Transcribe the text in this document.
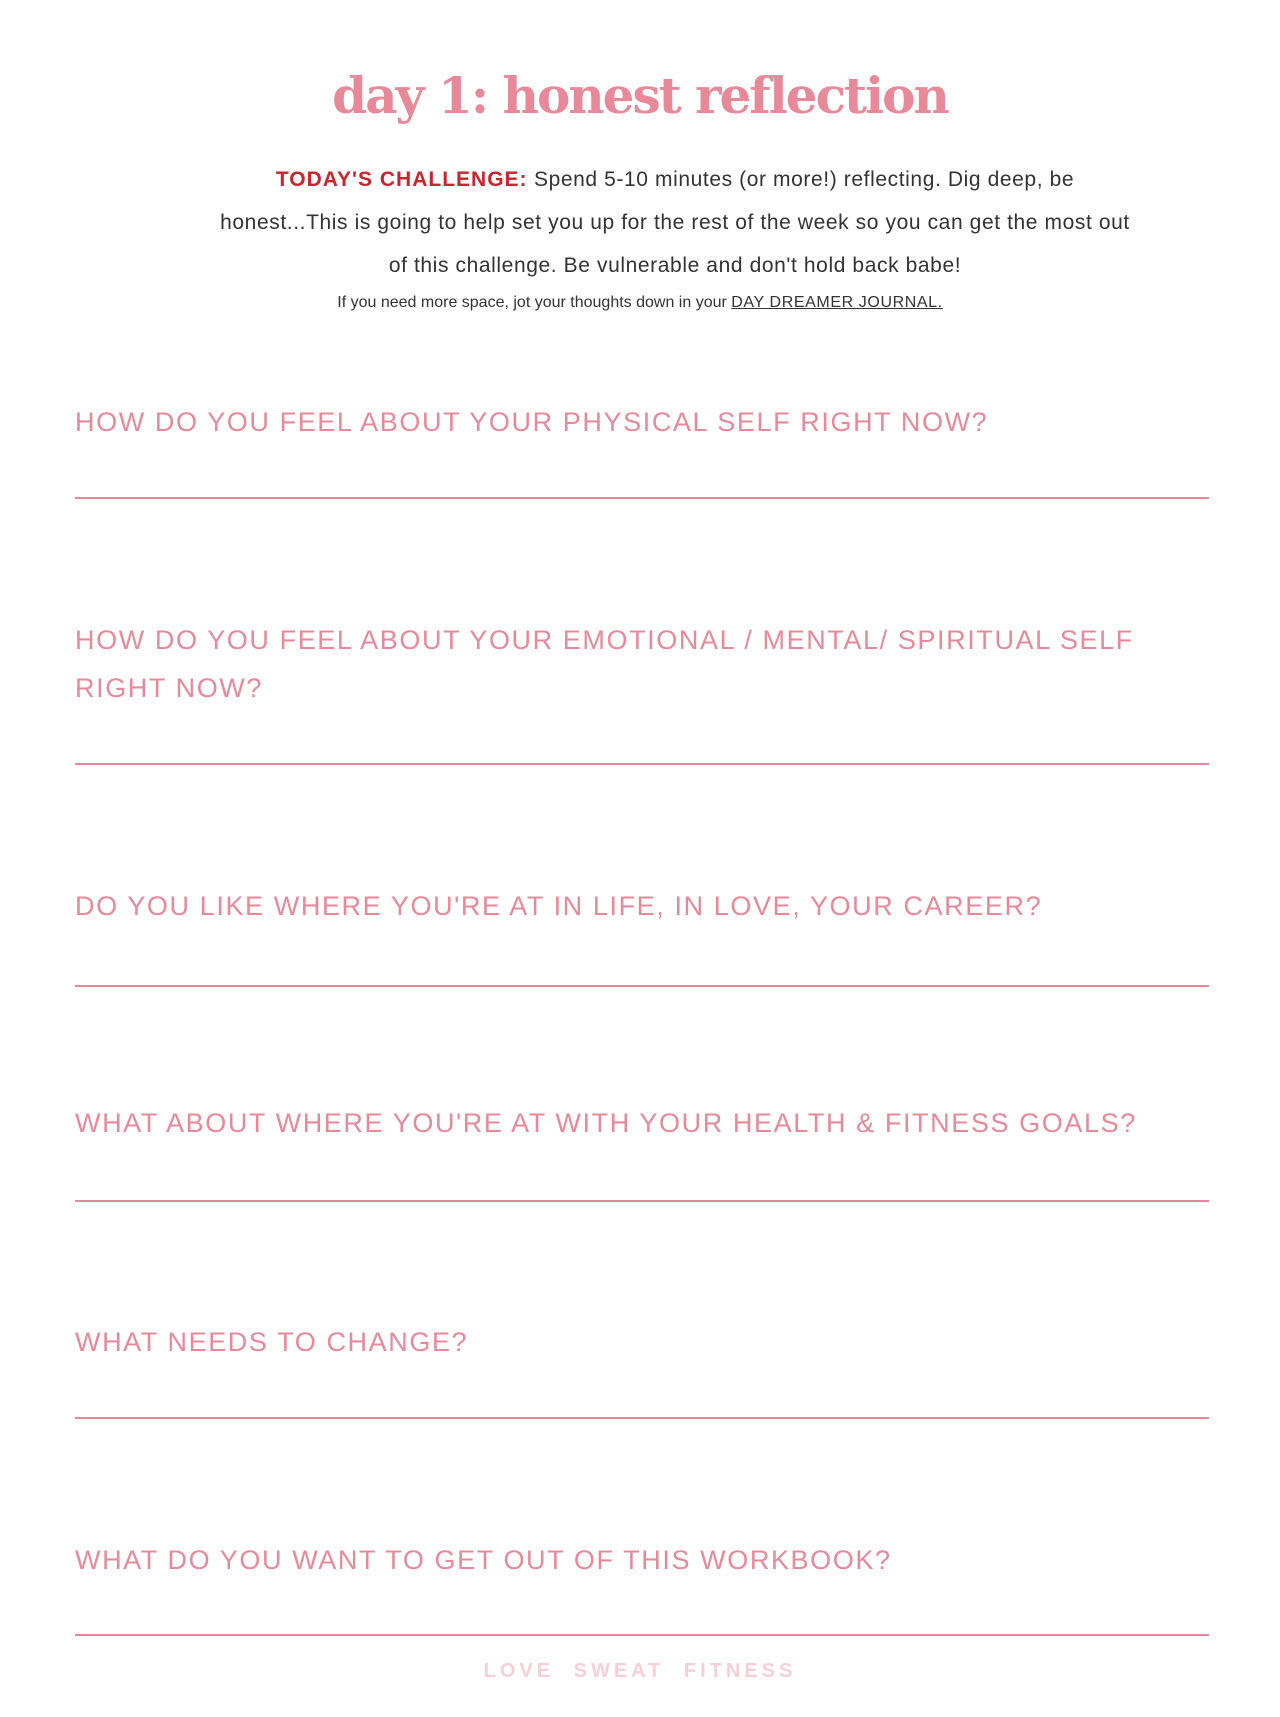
day 1: honest reflection
TODAY'S CHALLENGE: Spend 5-10 minutes (or more!) reflecting. Dig deep, be honest...This is going to help set you up for the rest of the week so you can get the most out of this challenge. Be vulnerable and don't hold back babe!
If you need more space, jot your thoughts down in your DAY DREAMER JOURNAL.
HOW DO YOU FEEL ABOUT YOUR PHYSICAL SELF RIGHT NOW?
HOW DO YOU FEEL ABOUT YOUR EMOTIONAL / MENTAL/ SPIRITUAL SELF RIGHT NOW?
DO YOU LIKE WHERE YOU'RE AT IN LIFE, IN LOVE, YOUR CAREER?
WHAT ABOUT WHERE YOU'RE AT WITH YOUR HEALTH & FITNESS GOALS?
WHAT NEEDS TO CHANGE?
WHAT DO YOU WANT TO GET OUT OF THIS WORKBOOK?
LOVE SWEAT FITNESS
